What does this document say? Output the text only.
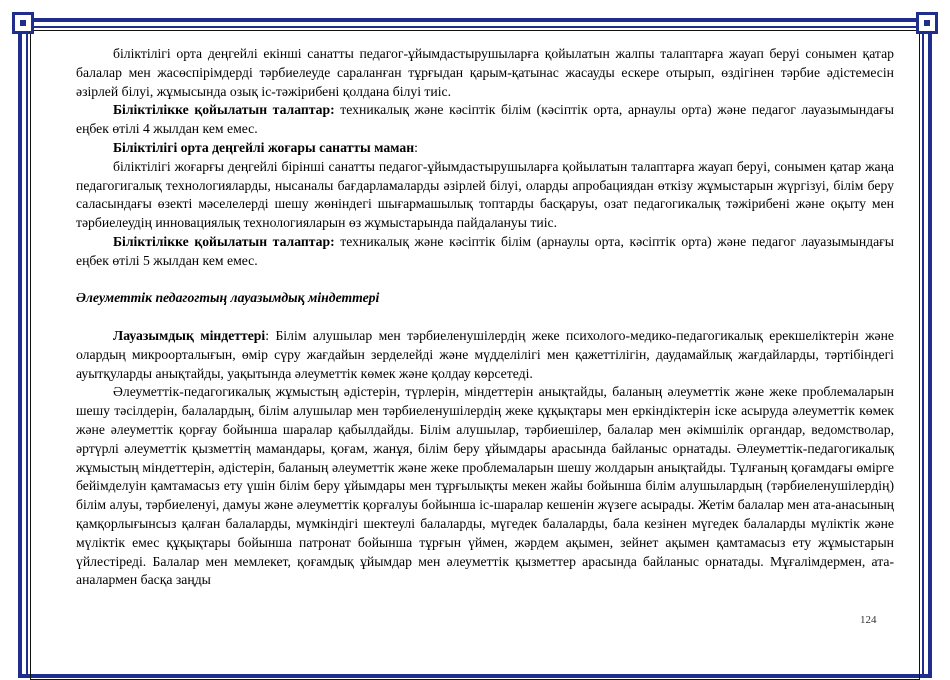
біліктілігі орта деңгейлі екінші санатты педагог-ұйымдастырушыларға қойылатын жалпы талаптарға жауап беруі сонымен қатар балалар мен жасөспірімдерді тәрбиелеуде сараланған тұрғыдан қарым-қатынас жасауды ескере отырып, өздігінен тәрбие әдістемесін әзірлей білуі, жұмысында озық іс-тәжірибені қолдана білуі тиіс.

Біліктілікке қойылатын талаптар: техникалық және кәсіптік білім (кәсіптік орта, арнаулы орта) және педагог лауазымындағы еңбек өтілі 4 жылдан кем емес.

Біліктілігі орта деңгейлі жоғары санатты маман:

біліктілігі жоғарғы деңгейлі бірінші санатты педагог-ұйымдастырушыларға қойылатын талаптарға жауап беруі, сонымен қатар жаңа педагогигалық технологияларды, нысаналы бағдарламаларды әзірлей білуі, оларды апробациядан өткізу жұмыстарын жүргізуі, білім беру саласындағы өзекті мәселелерді шешу жөніндегі шығармашылық топтарды басқаруы, озат педагогикалық тәжірибені және оқыту мен тәрбиелеудің инновациялық технологияларын өз жұмыстарында пайдалануы тиіс.

Біліктілікке қойылатын талаптар: техникалық және кәсіптік білім (арнаулы орта, кәсіптік орта) және педагог лауазымындағы еңбек өтілі 5 жылдан кем емес.

Әлеуметтік педагогтың лауазымдық міндеттері

Лауазымдық міндеттері: Білім алушылар мен тәрбиеленушілердің жеке психолого-медико-педагогикалық ерекшеліктерін және олардың микроорталығын, өмір сүру жағдайын зерделейді және мүдделілігі мен қажеттілігін, даудамайлық жағдайларды, тәртібіндегі ауытқуларды анықтайды, уақытында әлеуметтік көмек және қолдау көрсетеді.

Әлеуметтік-педагогикалық жұмыстың әдістерін, түрлерін, міндеттерін анықтайды, баланың әлеуметтік және жеке проблемаларын шешу тәсілдерін, балалардың, білім алушылар мен тәрбиеленушілердің жеке құқықтары мен еркіндіктерін іске асыруда әлеуметтік көмек және әлеуметтік қорғау бойынша шаралар қабылдайды. Білім алушылар, тәрбиешілер, балалар мен әкімшілік органдар, ведомстволар, әртүрлі әлеуметтік қызметтің мамандары, қоғам, жанұя, білім беру ұйымдары арасында байланыс орнатады. Әлеуметтік-педагогикалық жұмыстың міндеттерін, әдістерін, баланың әлеуметтік және жеке проблемаларын шешу жолдарын анықтайды. Тұлғаның қоғамдағы өмірге бейімделуін қамтамасыз ету үшін білім беру ұйымдары мен тұрғылықты мекен жайы бойынша білім алушылардың (тәрбиеленушілердің) білім алуы, тәрбиеленуі, дамуы және әлеуметтік қорғалуы бойынша іс-шаралар кешенін жүзеге асырады. Жетім балалар мен ата-анасының қамқорлығынсыз қалған балаларды, мүмкіндігі шектеулі балаларды, мүгедек балаларды, бала кезінен мүгедек балаларды мүліктік және мүліктік емес құқықтары бойынша патронат бойынша тұрғын үймен, жәрдем ақымен, зейнет ақымен қамтамасыз ету жұмыстарын үйлестіреді. Балалар мен мемлекет, қоғамдық ұйымдар мен әлеуметтік қызметтер арасында байланыс орнатады. Мұғалімдермен, ата-аналармен басқа заңды

124
